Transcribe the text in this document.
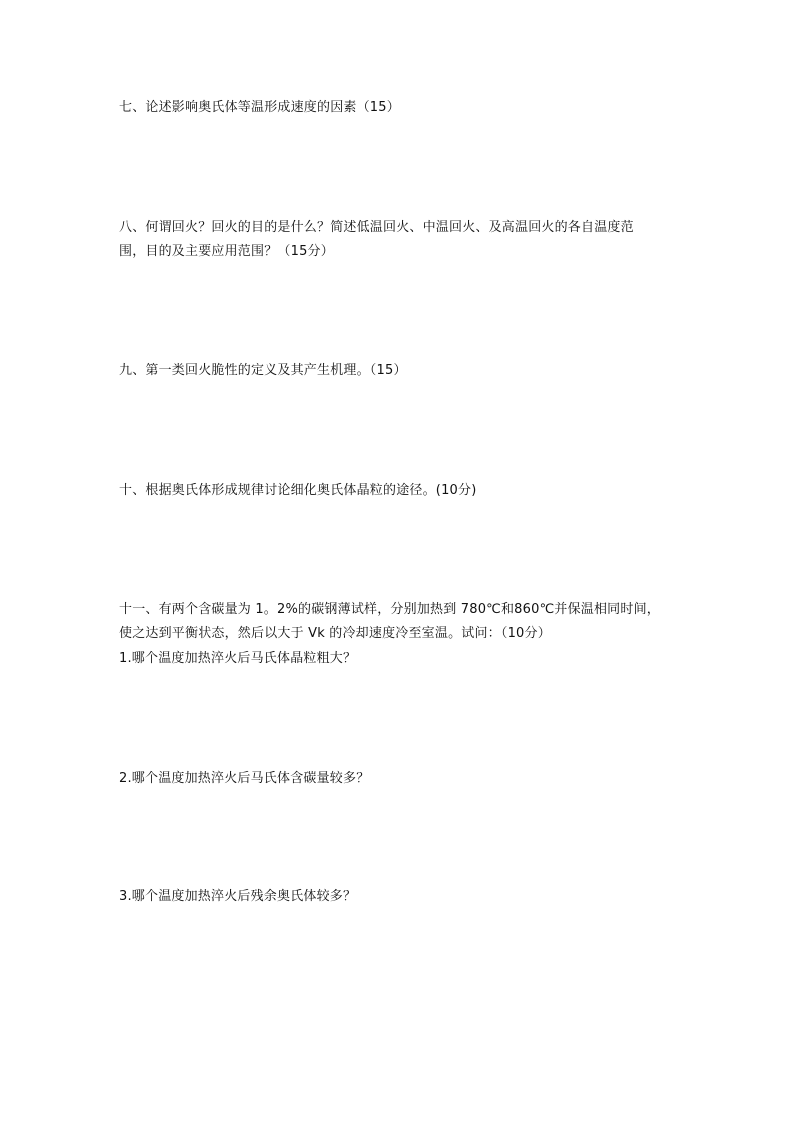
七、论述影响奥氏体等温形成速度的因素（15）
八、何谓回火？回火的目的是什么？简述低温回火、中温回火、及高温回火的各自温度范
围，目的及主要应用范围？（15分）
九、第一类回火脆性的定义及其产生机理。（15）
十、根据奥氏体形成规律讨论细化奥氏体晶粒的途径。(10分)
十一、有两个含碳量为 1。2%的碳钢薄试样，分别加热到 780℃和860℃并保温相同时间，
使之达到平衡状态，然后以大于 Vk 的冷却速度冷至室温。试问：（10分）
1.哪个温度加热淬火后马氏体晶粒粗大？
2.哪个温度加热淬火后马氏体含碳量较多？
3.哪个温度加热淬火后残余奥氏体较多？
